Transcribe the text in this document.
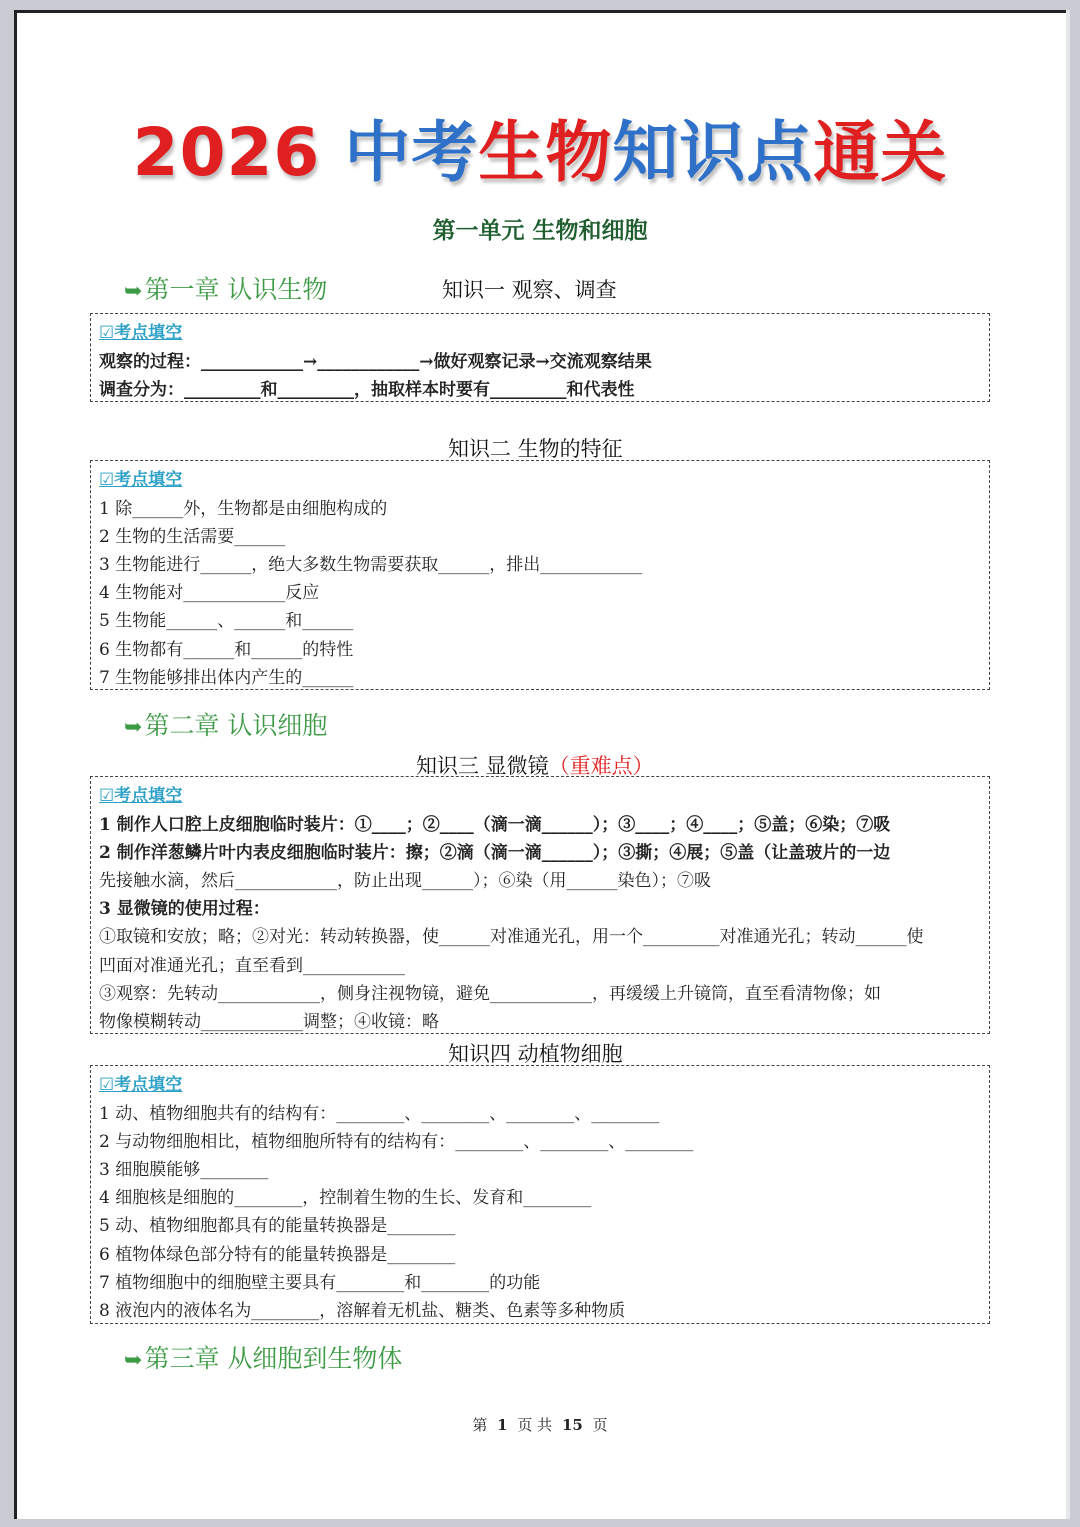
2026 中考生物知识点通关
第一单元 生物和细胞
➥第一章 认识生物	知识一 观察、调查
☑考点填空
观察的过程：____________→____________→做好观察记录→交流观察结果
调查分为：_________和_________，抽取样本时要有_________和代表性
知识二 生物的特征
☑考点填空
1 除______外，生物都是由细胞构成的
2 生物的生活需要______
3 生物能进行______，绝大多数生物需要获取______，排出____________
4 生物能对____________反应
5 生物能______、______和______
6 生物都有______和______的特性
7 生物能够排出体内产生的______
➥第二章 认识细胞
知识三 显微镜（重难点）
☑考点填空
1 制作人口腔上皮细胞临时装片：①____；②____（滴一滴______）；③____；④____；⑤盖；⑥染；⑦吸
2 制作洋葱鳞片叶内表皮细胞临时装片：擦；②滴（滴一滴______）；③撕；④展；⑤盖（让盖玻片的一边
先接触水滴，然后____________，防止出现______）；⑥染（用______染色）；⑦吸
3 显微镜的使用过程：
①取镜和安放；略；②对光：转动转换器，使______对准通光孔，用一个_________对准通光孔；转动______使
凹面对准通光孔；直至看到____________
③观察：先转动____________，侧身注视物镜，避免____________，再缓缓上升镜筒，直至看清物像；如
物像模糊转动____________调整；④收镜：略
知识四 动植物细胞
☑考点填空
1 动、植物细胞共有的结构有：________、________、________、________
2 与动物细胞相比，植物细胞所特有的结构有：________、________、________
3 细胞膜能够________
4 细胞核是细胞的________，控制着生物的生长、发育和________
5 动、植物细胞都具有的能量转换器是________
6 植物体绿色部分特有的能量转换器是________
7 植物细胞中的细胞壁主要具有________和________的功能
8 液泡内的液体名为________，溶解着无机盐、糖类、色素等多种物质
➥第三章 从细胞到生物体
第 1 页 共 15 页
